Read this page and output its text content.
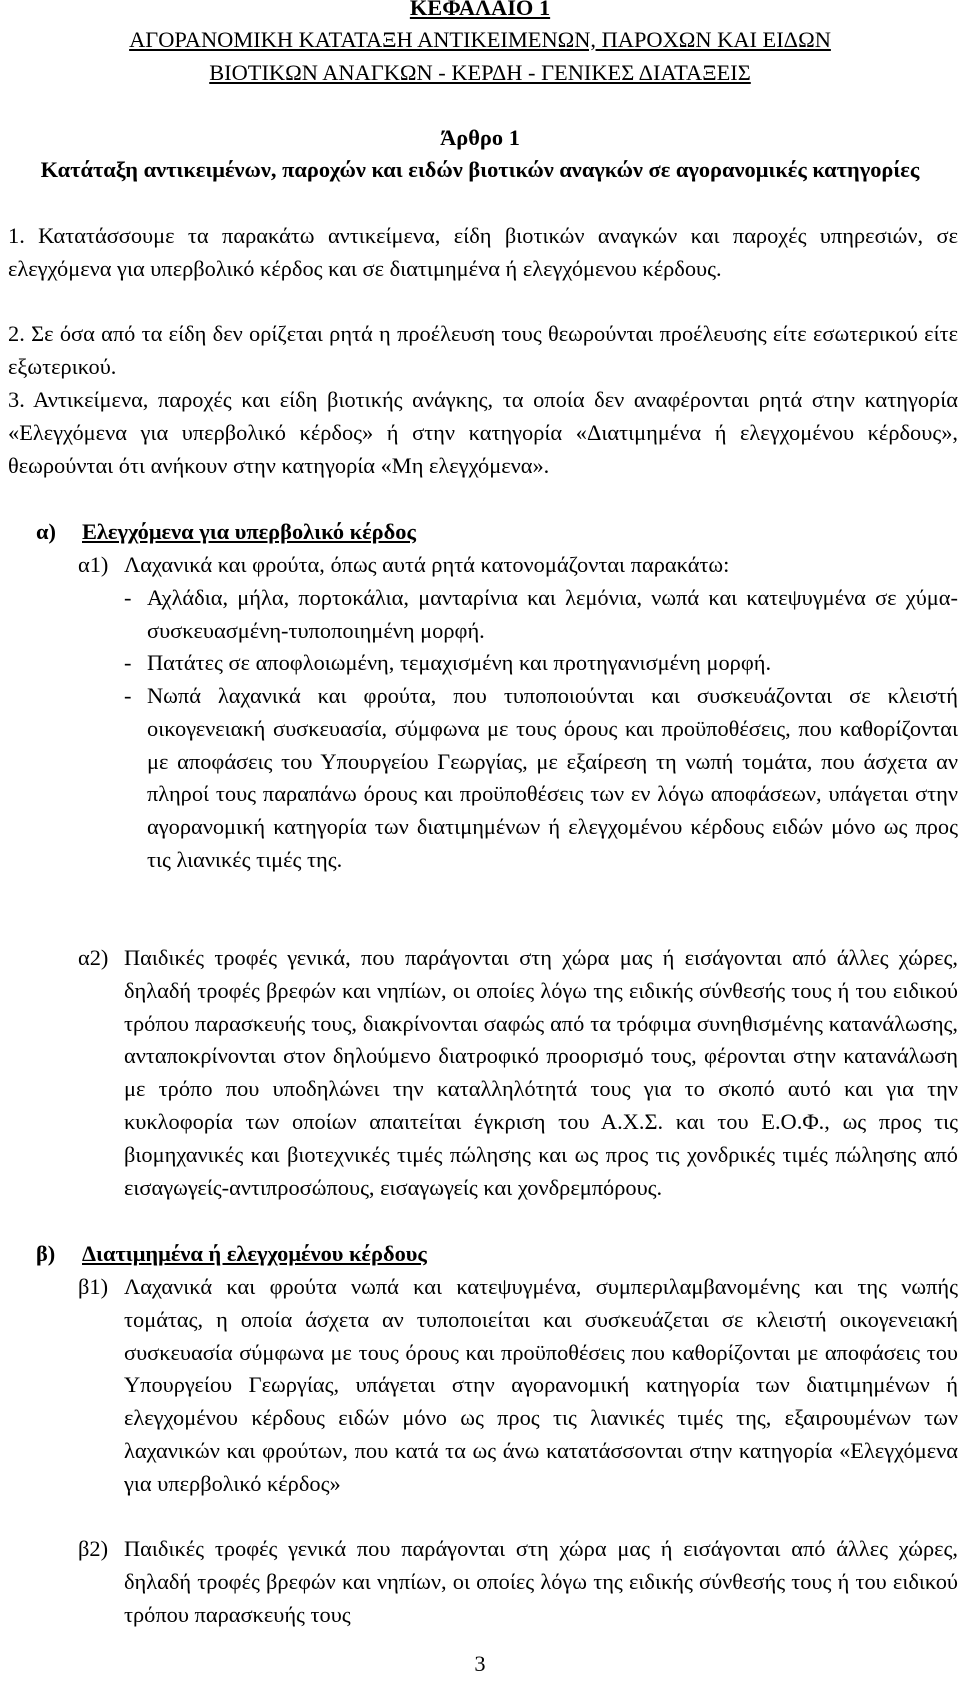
ΚΕΦΑΛΑΙΟ 1
ΑΓΟΡΑΝΟΜΙΚΗ ΚΑΤΑΤΑΞΗ ΑΝΤΙΚΕΙΜΕΝΩΝ, ΠΑΡΟΧΩΝ ΚΑΙ ΕΙΔΩΝ
ΒΙΟΤΙΚΩΝ ΑΝΑΓΚΩΝ - ΚΕΡΔΗ - ΓΕΝΙΚΕΣ ΔΙΑΤΑΞΕΙΣ
Άρθρο 1
Κατάταξη αντικειμένων, παροχών και ειδών βιοτικών αναγκών σε αγορανομικές κατηγορίες
1. Κατατάσσουμε τα παρακάτω αντικείμενα, είδη βιοτικών αναγκών και παροχές υπηρεσιών, σε ελεγχόμενα για υπερβολικό κέρδος και σε διατιμημένα ή ελεγχόμενου κέρδους.
2. Σε όσα από τα είδη δεν ορίζεται ρητά η προέλευση τους θεωρούνται προέλευσης είτε εσωτερικού είτε εξωτερικού.
3. Αντικείμενα, παροχές και είδη βιοτικής ανάγκης, τα οποία δεν αναφέρονται ρητά στην κατηγορία «Ελεγχόμενα για υπερβολικό κέρδος» ή στην κατηγορία «Διατιμημένα ή ελεγχομένου κέρδους», θεωρούνται ότι ανήκουν στην κατηγορία «Μη ελεγχόμενα».
α) Ελεγχόμενα για υπερβολικό κέρδος
α1) Λαχανικά και φρούτα, όπως αυτά ρητά κατονομάζονται παρακάτω:
- Αχλάδια, μήλα, πορτοκάλια, μανταρίνια και λεμόνια, νωπά και κατεψυγμένα σε χύμα-συσκευασμένη-τυποποιημένη μορφή.
- Πατάτες σε αποφλοιωμένη, τεμαχισμένη και προτηγανισμένη μορφή.
- Νωπά λαχανικά και φρούτα, που τυποποιούνται και συσκευάζονται σε κλειστή οικογενειακή συσκευασία, σύμφωνα με τους όρους και προϋποθέσεις, που καθορίζονται με αποφάσεις του Υπουργείου Γεωργίας, με εξαίρεση τη νωπή τομάτα, που άσχετα αν πληροί τους παραπάνω όρους και προϋποθέσεις των εν λόγω αποφάσεων, υπάγεται στην αγορανομική κατηγορία των διατιμημένων ή ελεγχομένου κέρδους ειδών μόνο ως προς τις λιανικές τιμές της.
α2) Παιδικές τροφές γενικά, που παράγονται στη χώρα μας ή εισάγονται από άλλες χώρες, δηλαδή τροφές βρεφών και νηπίων, οι οποίες λόγω της ειδικής σύνθεσής τους ή του ειδικού τρόπου παρασκευής τους, διακρίνονται σαφώς από τα τρόφιμα συνηθισμένης κατανάλωσης, ανταποκρίνονται στον δηλούμενο διατροφικό προορισμό τους, φέρονται στην κατανάλωση με τρόπο που υποδηλώνει την καταλληλότητά τους για το σκοπό αυτό και για την κυκλοφορία των οποίων απαιτείται έγκριση του Α.Χ.Σ. και του Ε.Ο.Φ., ως προς τις βιομηχανικές και βιοτεχνικές τιμές πώλησης και ως προς τις χονδρικές τιμές πώλησης από εισαγωγείς-αντιπροσώπους, εισαγωγείς και χονδρεμπόρους.
β) Διατιμημένα ή ελεγχομένου κέρδους
β1) Λαχανικά και φρούτα νωπά και κατεψυγμένα, συμπεριλαμβανομένης και της νωπής τομάτας, η οποία άσχετα αν τυποποιείται και συσκευάζεται σε κλειστή οικογενειακή συσκευασία σύμφωνα με τους όρους και προϋποθέσεις που καθορίζονται με αποφάσεις του Υπουργείου Γεωργίας, υπάγεται στην αγορανομική κατηγορία των διατιμημένων ή ελεγχομένου κέρδους ειδών μόνο ως προς τις λιανικές τιμές της, εξαιρουμένων των λαχανικών και φρούτων, που κατά τα ως άνω κατατάσσονται στην κατηγορία «Ελεγχόμενα για υπερβολικό κέρδος»
β2) Παιδικές τροφές γενικά που παράγονται στη χώρα μας ή εισάγονται από άλλες χώρες, δηλαδή τροφές βρεφών και νηπίων, οι οποίες λόγω της ειδικής σύνθεσής τους ή του ειδικού τρόπου παρασκευής τους
3
